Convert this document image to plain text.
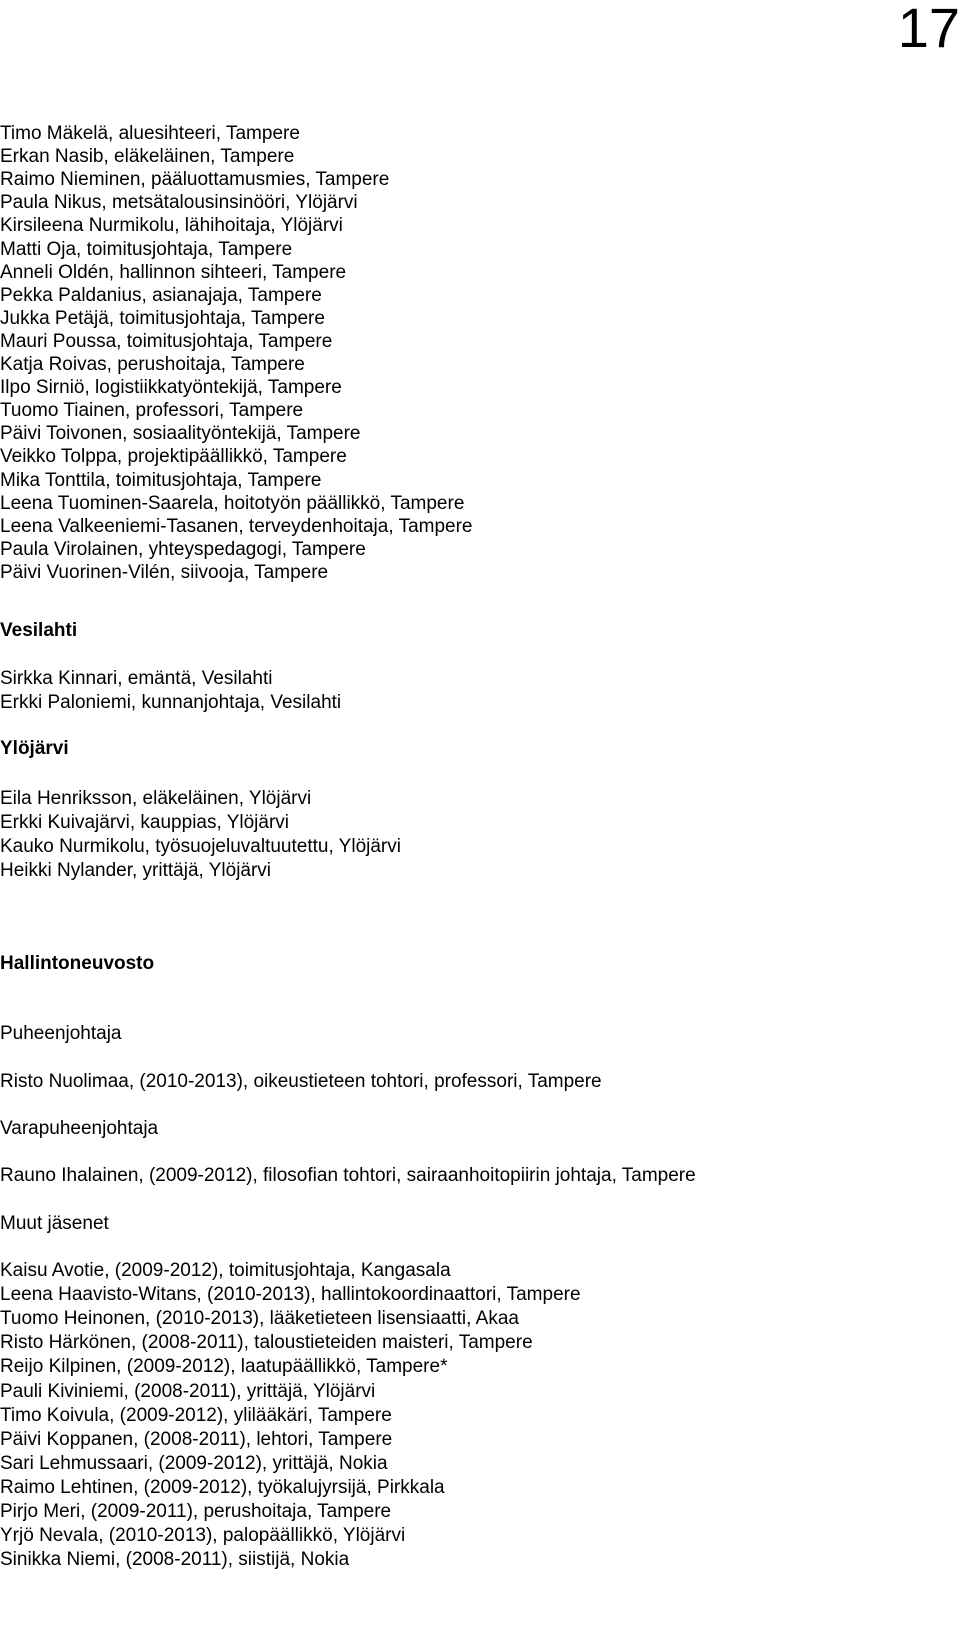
17
Timo Mäkelä, aluesihteeri, Tampere
Erkan Nasib, eläkeläinen, Tampere
Raimo Nieminen, pääluottamusmies, Tampere
Paula Nikus, metsätalousinsinööri, Ylöjärvi
Kirsileena Nurmikolu, lähihoitaja, Ylöjärvi
Matti Oja, toimitusjohtaja, Tampere
Anneli Oldén, hallinnon sihteeri, Tampere
Pekka Paldanius, asianajaja, Tampere
Jukka Petäjä, toimitusjohtaja, Tampere
Mauri Poussa, toimitusjohtaja, Tampere
Katja Roivas, perushoitaja, Tampere
Ilpo Sirniö, logistiikkatyöntekijä, Tampere
Tuomo Tiainen, professori, Tampere
Päivi Toivonen, sosiaalityöntekijä, Tampere
Veikko Tolppa, projektipäällikkö, Tampere
Mika Tonttila, toimitusjohtaja, Tampere
Leena Tuominen-Saarela, hoitotyön päällikkö, Tampere
Leena Valkeeniemi-Tasanen, terveydenhoitaja, Tampere
Paula Virolainen, yhteyspedagogi, Tampere
Päivi Vuorinen-Vilén, siivooja, Tampere
Vesilahti
Sirkka Kinnari, emäntä, Vesilahti
Erkki Paloniemi, kunnanjohtaja, Vesilahti
Ylöjärvi
Eila Henriksson, eläkeläinen, Ylöjärvi
Erkki Kuivajärvi, kauppias, Ylöjärvi
Kauko Nurmikolu, työsuojeluvaltuutettu, Ylöjärvi
Heikki Nylander, yrittäjä, Ylöjärvi
Hallintoneuvosto
Puheenjohtaja
Risto Nuolimaa, (2010-2013), oikeustieteen tohtori, professori, Tampere
Varapuheenjohtaja
Rauno Ihalainen, (2009-2012), filosofian tohtori, sairaanhoitopiirin johtaja, Tampere
Muut jäsenet
Kaisu Avotie, (2009-2012), toimitusjohtaja, Kangasala
Leena Haavisto-Witans, (2010-2013), hallintokoordinaattori, Tampere
Tuomo Heinonen, (2010-2013), lääketieteen lisensiaatti, Akaa
Risto Härkönen, (2008-2011), taloustieteiden maisteri, Tampere
Reijo Kilpinen, (2009-2012), laatupäällikkö, Tampere*
Pauli Kiviniemi, (2008-2011), yrittäjä, Ylöjärvi
Timo Koivula, (2009-2012), ylilääkäri, Tampere
Päivi Koppanen, (2008-2011), lehtori, Tampere
Sari Lehmussaari, (2009-2012), yrittäjä, Nokia
Raimo Lehtinen, (2009-2012), työkalujyrsijä, Pirkkala
Pirjo Meri, (2009-2011), perushoitaja, Tampere
Yrjö Nevala, (2010-2013), palopäällikkö, Ylöjärvi
Sinikka Niemi, (2008-2011), siistijä, Nokia
